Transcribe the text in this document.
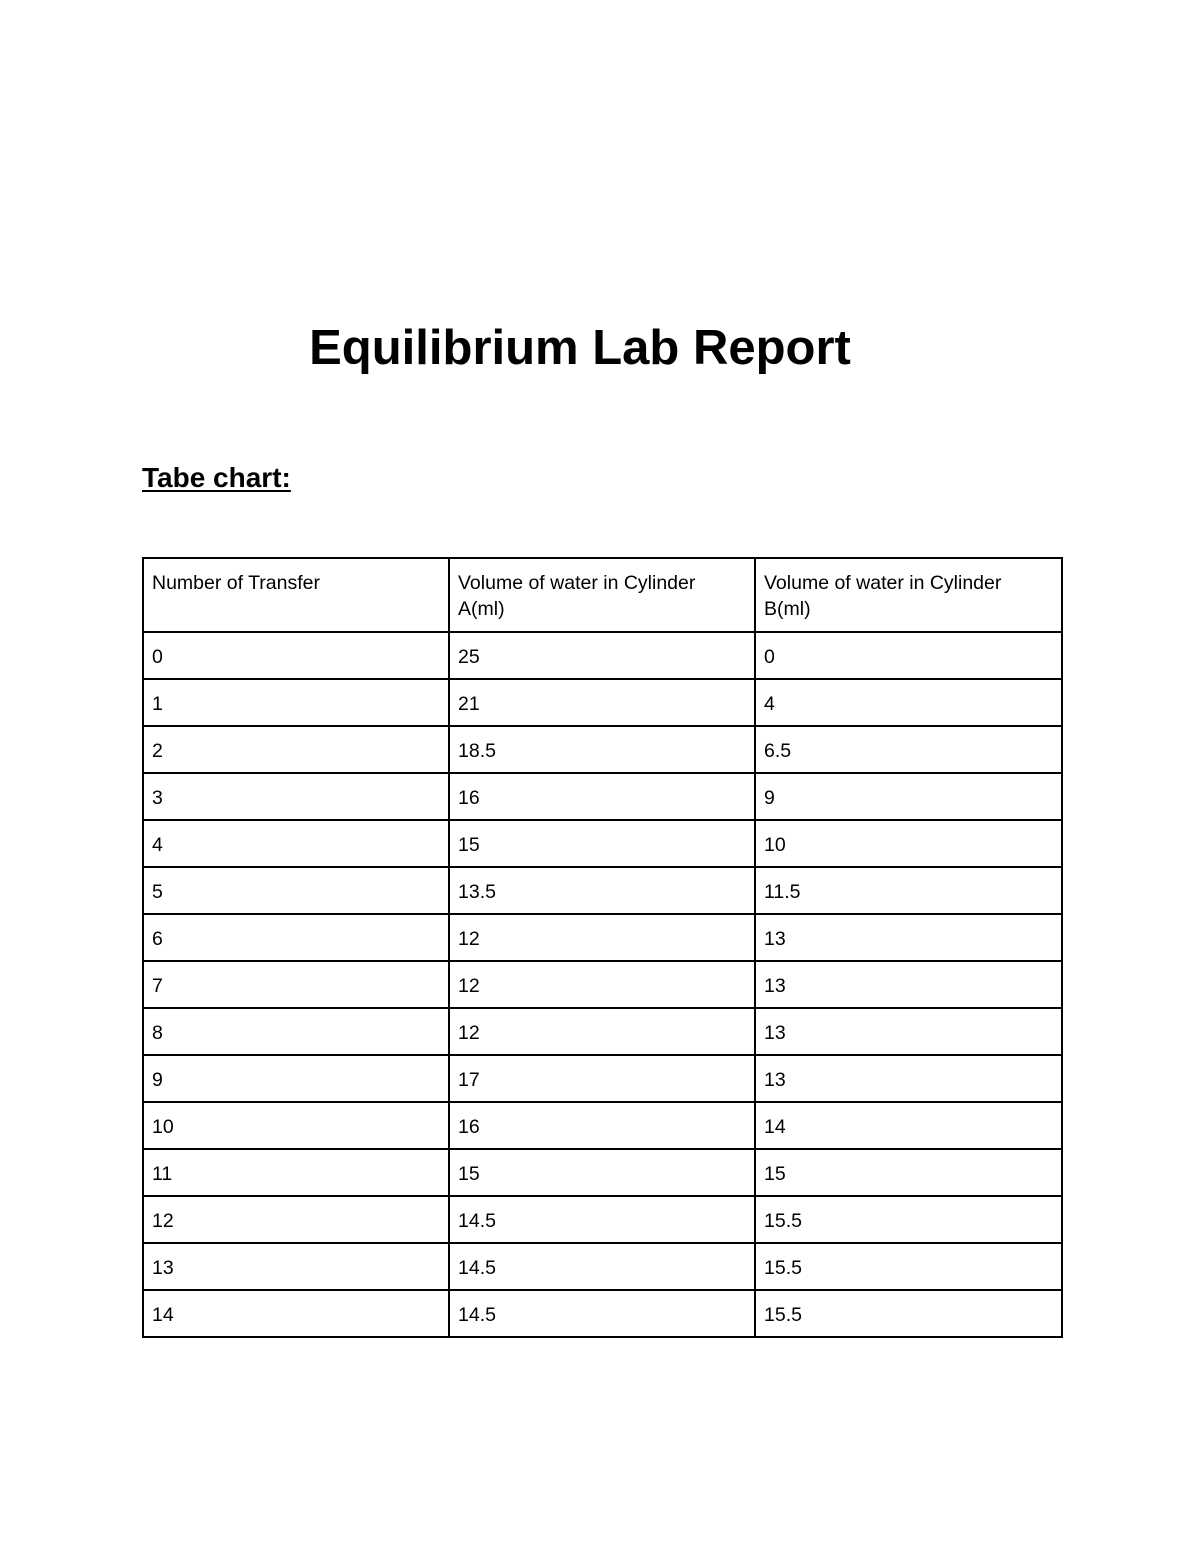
Equilibrium Lab Report
Tabe chart:
Number of Transfer	Volume of water in Cylinder A(ml)	Volume of water in Cylinder B(ml)
0	25	0
1	21	4
2	18.5	6.5
3	16	9
4	15	10
5	13.5	11.5
6	12	13
7	12	13
8	12	13
9	17	13
10	16	14
11	15	15
12	14.5	15.5
13	14.5	15.5
14	14.5	15.5
